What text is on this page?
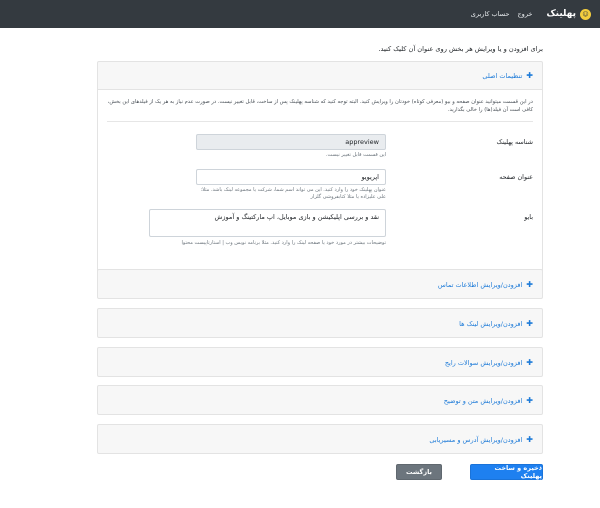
☺
پهلینک
خروج
حساب کاربری
برای افزودن و یا ویرایش هر بخش روی عنوان آن کلیک کنید.
✚
تنظیمات اصلی
در این قسمت میتوانید عنوان صفحه و بیو (معرفی کوتاه) خودتان را ویرایش کنید. البته توجه کنید که شناسه پهلینک پس از ساخت، قابل تغییر نیست. در صورت عدم نیاز به هر یک از فیلدهای این بخش، کافی است آن فیلد(ها) را خالی بگذارید.
شناسه پهلینک
appreview
این قسمت قابل تغییر نیست.
عنوان صفحه
اپریویو
عنوان پهلینک خود را وارد کنید. این می تواند اسم شما، شرکت یا مجموعه لینک باشد. مثلا:
علی علیزاده یا مثلا کتابفروشی گلزار
بایو
نقد و بررسی اپلیکیشن و بازی موبایل، اپ مارکتینگ و آموزش
توضیحات بیشتر در مورد خود یا صفحه لینک را وارد کنید. مثلا برنامه نویس وب | استارتاپیست محتوا
✚
افزودن/ویرایش اطلاعات تماس
✚
افزودن/ویرایش لینک ها
✚
افزودن/ویرایش سوالات رایج
✚
افزودن/ویرایش متن و توضیح
✚
افزودن/ویرایش آدرس و مسیریابی
ذخیره و ساخت پهلینک
بازگشت
